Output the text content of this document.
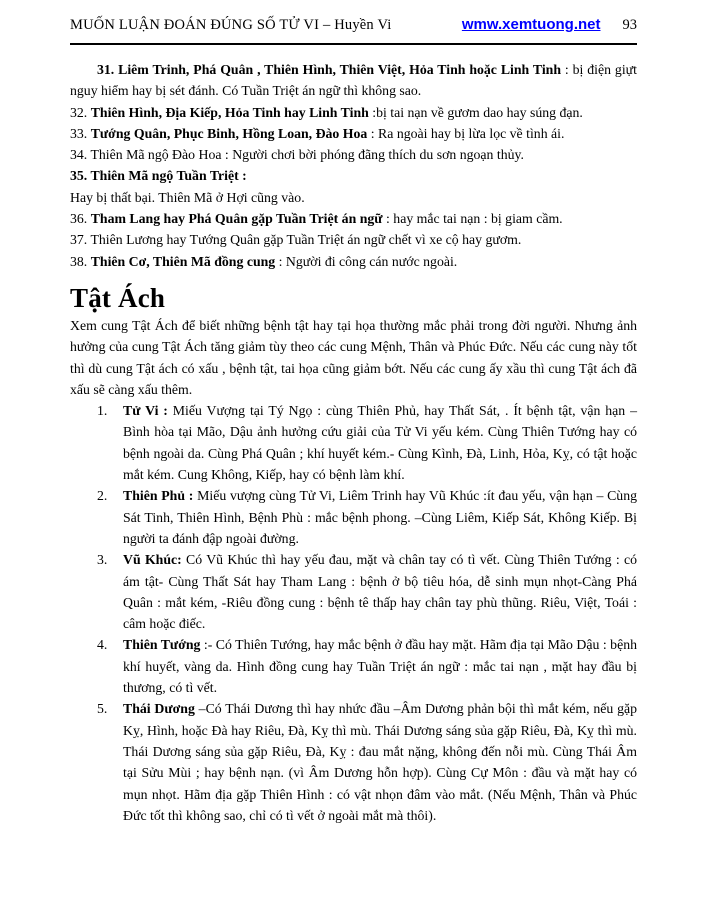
MUỐN LUẬN ĐOÁN ĐÚNG SỐ TỬ VI – Huyền Vi	wmw.xemtuong.net 93

31. Liêm Trinh, Phá Quân , Thiên Hình, Thiên Việt, Hỏa Tinh hoặc Linh Tinh : bị điện giựt nguy hiểm hay bị sét đánh. Có Tuần Triệt án ngữ thì không sao.

32. Thiên Hình, Địa Kiếp, Hỏa Tinh hay Linh Tinh :bị tai nạn về gươm dao hay súng đạn.

33. Tướng Quân, Phục Binh, Hồng Loan, Đào Hoa : Ra ngoài hay bị lừa lọc về tình ái.

34. Thiên Mã ngộ Đào Hoa : Người chơi bời phóng đãng thích du sơn ngoạn thủy.

35. Thiên Mã ngộ Tuần Triệt :

Hay bị thất bại. Thiên Mã ở Hợi cũng vào.

36. Tham Lang hay Phá Quân gặp Tuần Triệt án ngữ : hay mắc tai nạn : bị giam cầm.

37. Thiên Lương hay Tướng Quân gặp Tuần Triệt án ngữ chết vì xe cộ hay gươm.

38. Thiên Cơ, Thiên Mã đồng cung : Người đi công cán nước ngoài.

Tật Ách

Xem cung Tật Ách để biết những bệnh tật hay tại họa thường mắc phải trong đời người. Nhưng ảnh hưởng của cung Tật Ách tăng giảm tùy theo các cung Mệnh, Thân và Phúc Đức. Nếu các cung này tốt thì dù cung Tật ách có xấu , bệnh tật, tai họa cũng giảm bớt. Nếu các cung ấy xầu thì cung Tật ách đã xấu sẽ càng xấu thêm.

1. Tử Vi : Miếu Vượng tại Tý Ngọ : cùng Thiên Phủ, hay Thất Sát, . Ít bệnh tật, vận hạn – Bình hòa tại Mão, Dậu ảnh hưởng cứu giải của Tử Vi yếu kém. Cùng Thiên Tướng hay có bệnh ngoài da. Cùng Phá Quân ; khí huyết kém.- Cùng Kình, Đà, Linh, Hỏa, Kỵ, có tật hoặc mắt kém. Cung Không, Kiếp, hay có bệnh làm khí.
2. Thiên Phủ : Miếu vượng cùng Tử Vi, Liêm Trinh hay Vũ Khúc :ít đau yếu, vận hạn – Cùng Sát Tinh, Thiên Hình, Bệnh Phù : mắc bệnh phong. –Cùng Liêm, Kiếp Sát, Không Kiếp. Bị người ta đánh đập ngoài đường.
3. Vũ Khúc: Có Vũ Khúc thì hay yếu đau, mặt và chân tay có tì vết. Cùng Thiên Tướng : có ám tật- Cùng Thất Sát hay Tham Lang : bệnh ở bộ tiêu hóa, dễ sinh mụn nhọt-Càng Phá Quân : mắt kém, -Riêu đồng cung : bệnh tê thấp hay chân tay phù thũng. Riêu, Việt, Toái : câm hoặc điếc.
4. Thiên Tướng :- Có Thiên Tướng, hay mắc bệnh ở đầu hay mặt. Hãm địa tại Mão Dậu : bệnh khí huyết, vàng da. Hình đồng cung hay Tuần Triệt án ngữ : mắc tai nạn , mặt hay đầu bị thương, có tì vết.
5. Thái Dương –Có Thái Dương thì hay nhức đầu –Âm Dương phản bội thì mắt kém, nếu gặp Kỵ, Hình, hoặc Đà hay Riêu, Đà, Kỵ thì mù. Thái Dương sáng sủa gặp Riêu, Đà, Kỵ thì mù. Thái Dương sáng sủa gặp Riêu, Đà, Kỵ : đau mắt nặng, không đến nỗi mù. Cùng Thái Âm tại Sửu Mùi ; hay bệnh nạn. (vì Âm Dương hỗn hợp). Cùng Cự Môn : đầu và mặt hay có mụn nhọt. Hãm địa gặp Thiên Hình : có vật nhọn đâm vào mắt. (Nếu Mệnh, Thân và Phúc Đức tốt thì không sao, chỉ có tì vết ở ngoài mắt mà thôi).
